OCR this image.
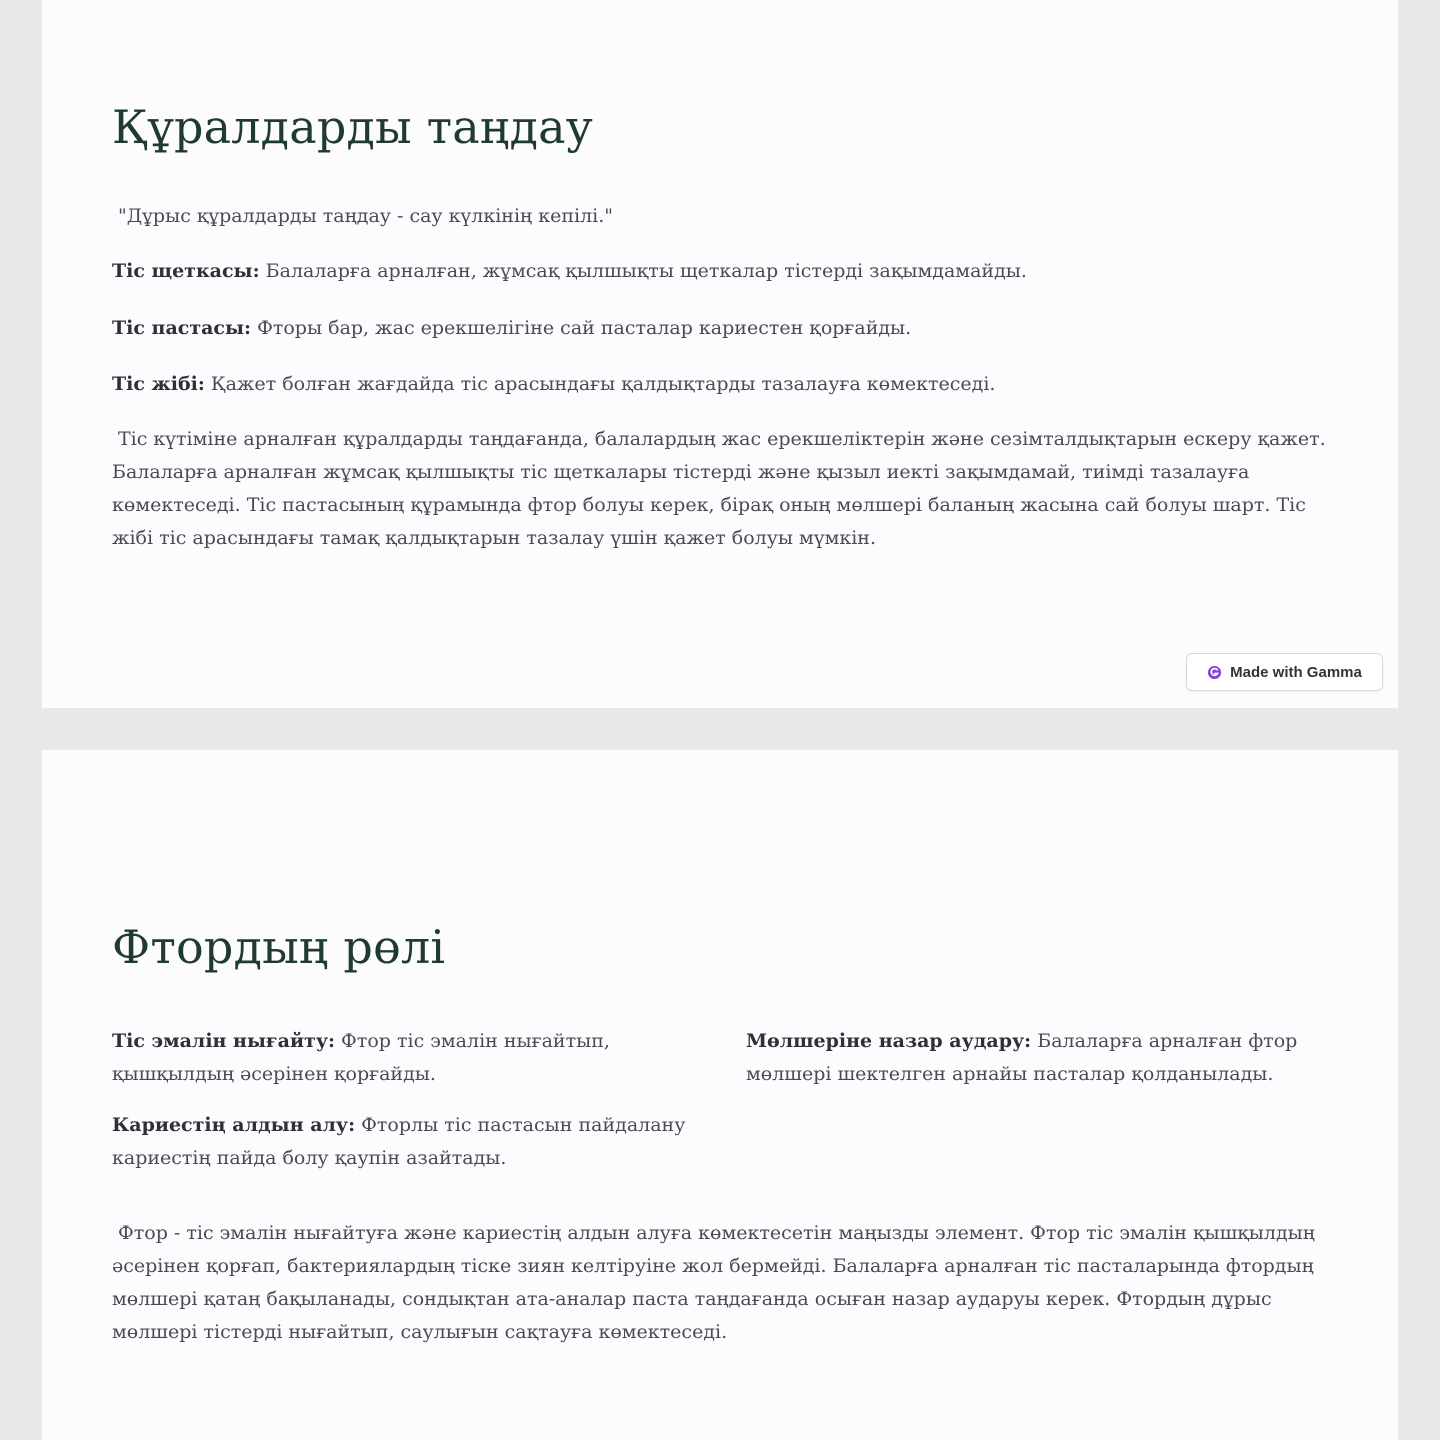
Құралдарды таңдау

"Дұрыс құралдарды таңдау - сау күлкінің кепілі."

Тіс щеткасы: Балаларға арналған, жұмсақ қылшықты щеткалар тістерді зақымдамайды.

Тіс пастасы: Фторы бар, жас ерекшелігіне сай пасталар кариестен қорғайды.

Тіс жібі: Қажет болған жағдайда тіс арасындағы қалдықтарды тазалауға көмектеседі.

Тіс күтіміне арналған құралдарды таңдағанда, балалардың жас ерекшеліктерін және сезімталдықтарын ескеру қажет. Балаларға арналған жұмсақ қылшықты тіс щеткалары тістерді және қызыл иекті зақымдамай, тиімді тазалауға көмектеседі. Тіс пастасының құрамында фтор болуы керек, бірақ оның мөлшері баланың жасына сай болуы шарт. Тіс жібі тіс арасындағы тамақ қалдықтарын тазалау үшін қажет болуы мүмкін.

Made with Gamma
Фтордың рөлі

Тіс эмалін нығайту: Фтор тіс эмалін нығайтып, қышқылдың әсерінен қорғайды.

Кариестің алдын алу: Фторлы тіс пастасын пайдалану кариестің пайда болу қаупін азайтады.

Мөлшеріне назар аудару: Балаларға арналған фтор мөлшері шектелген арнайы пасталар қолданылады.

Фтор - тіс эмалін нығайтуға және кариестің алдын алуға көмектесетін маңызды элемент. Фтор тіс эмалін қышқылдың әсерінен қорғап, бактериялардың тіске зиян келтіруіне жол бермейді. Балаларға арналған тіс пасталарында фтордың мөлшері қатаң бақыланады, сондықтан ата-аналар паста таңдағанда осыған назар аударуы керек. Фтордың дұрыс мөлшері тістерді нығайтып, саулығын сақтауға көмектеседі.
